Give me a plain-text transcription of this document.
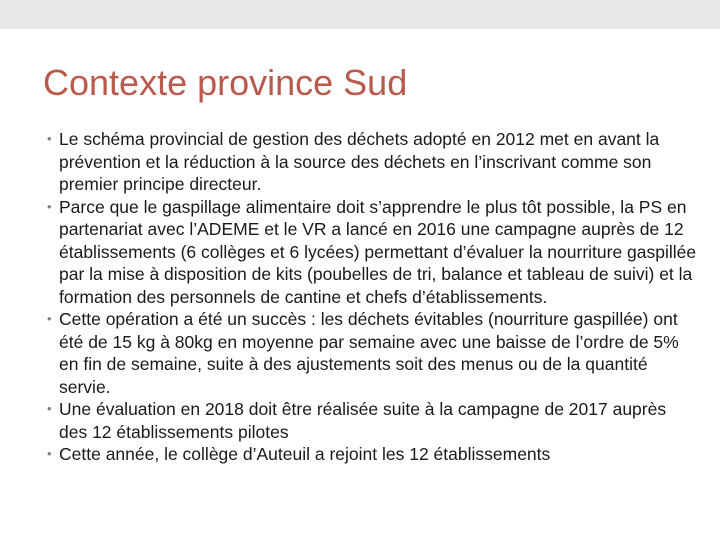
Contexte province Sud
• Le schéma provincial de gestion des déchets adopté en 2012 met en avant la prévention et la réduction à la source des déchets en l’inscrivant comme son premier principe directeur.
• Parce que le gaspillage alimentaire doit s’apprendre le plus tôt possible, la PS en partenariat avec l’ADEME et le VR a lancé en 2016 une campagne auprès de 12 établissements (6 collèges et 6 lycées) permettant d’évaluer la nourriture gaspillée par la mise à disposition de kits (poubelles de tri, balance et tableau de suivi) et la formation des personnels de cantine et chefs d’établissements.
• Cette opération a été un succès : les déchets évitables (nourriture gaspillée) ont été de 15 kg à 80kg en moyenne par semaine avec une baisse de l’ordre de 5% en fin de semaine, suite à des ajustements soit des menus ou de la quantité servie.
• Une évaluation en 2018 doit être réalisée suite à la campagne de 2017 auprès des 12 établissements pilotes
• Cette année, le collège d’Auteuil a rejoint les 12 établissements
